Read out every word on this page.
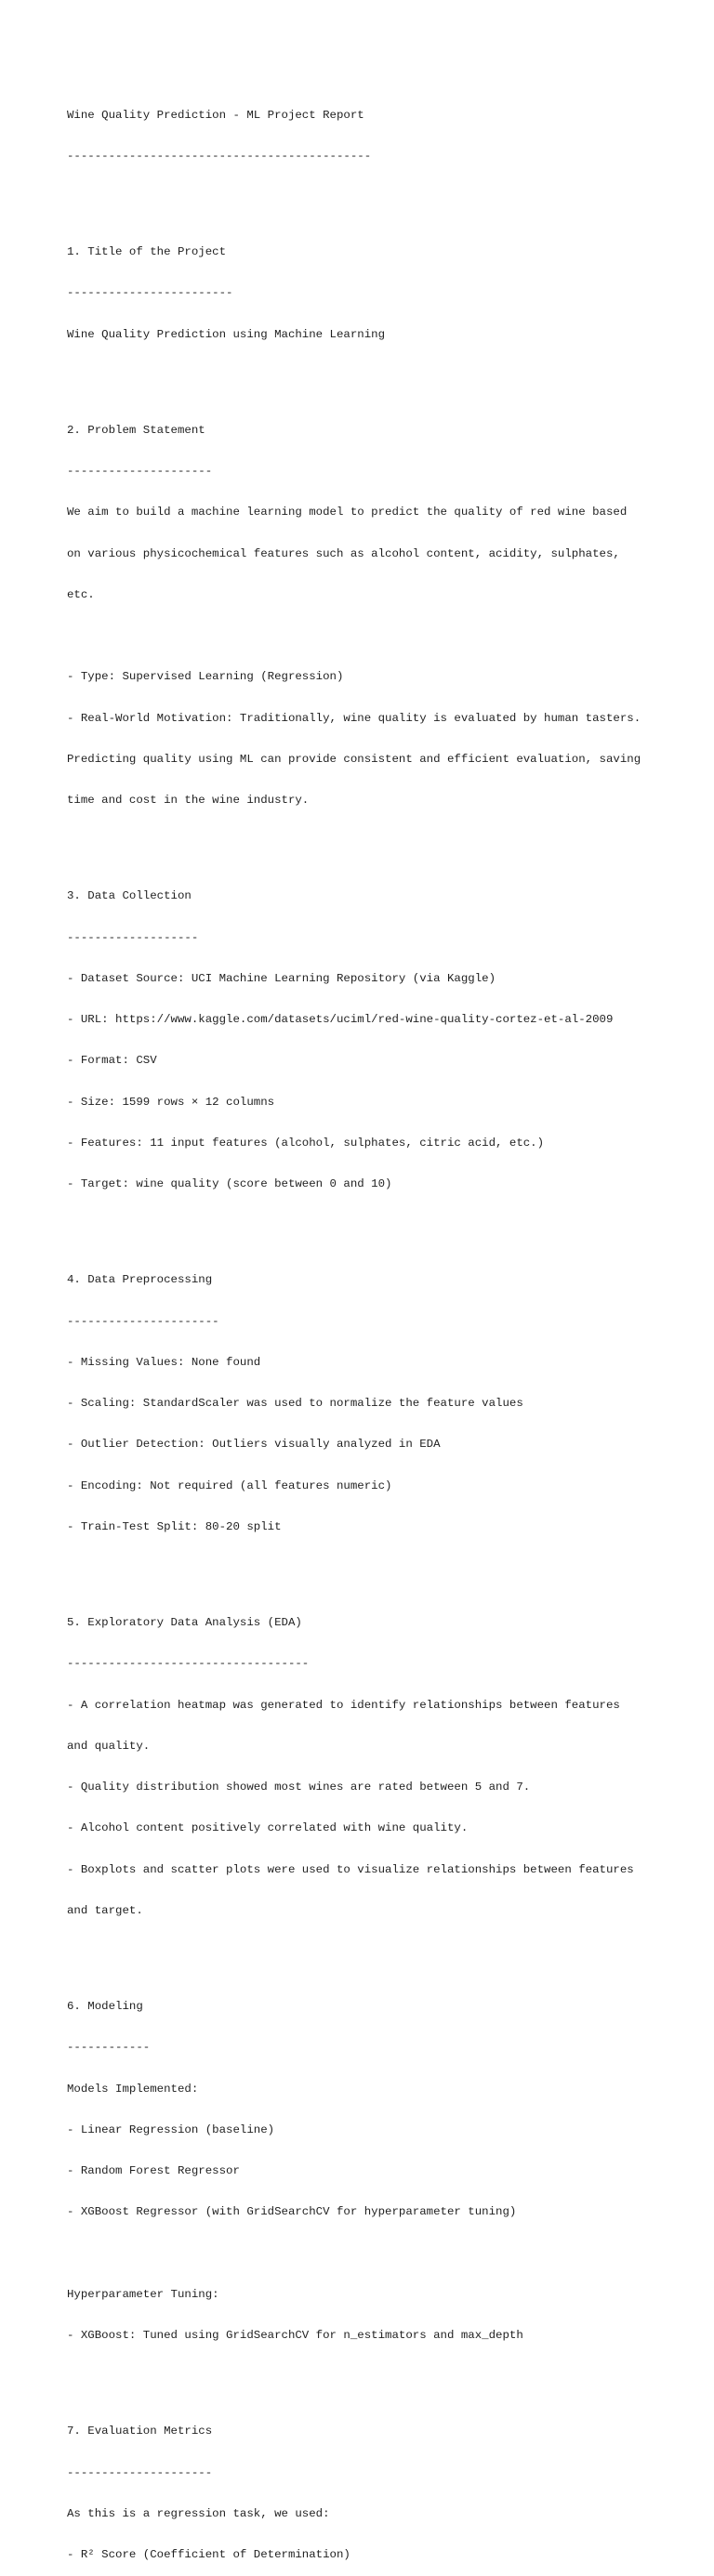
Wine Quality Prediction - ML Project Report

--------------------------------------------

1. Title of the Project

------------------------

Wine Quality Prediction using Machine Learning

2. Problem Statement

---------------------

We aim to build a machine learning model to predict the quality of red wine based

on various physicochemical features such as alcohol content, acidity, sulphates,

etc.

- Type: Supervised Learning (Regression)

- Real-World Motivation: Traditionally, wine quality is evaluated by human tasters.

Predicting quality using ML can provide consistent and efficient evaluation, saving

time and cost in the wine industry.

3. Data Collection

-------------------

- Dataset Source: UCI Machine Learning Repository (via Kaggle)

- URL: https://www.kaggle.com/datasets/uciml/red-wine-quality-cortez-et-al-2009

- Format: CSV

- Size: 1599 rows × 12 columns

- Features: 11 input features (alcohol, sulphates, citric acid, etc.)

- Target: wine quality (score between 0 and 10)

4. Data Preprocessing

----------------------

- Missing Values: None found

- Scaling: StandardScaler was used to normalize the feature values

- Outlier Detection: Outliers visually analyzed in EDA

- Encoding: Not required (all features numeric)

- Train-Test Split: 80-20 split

5. Exploratory Data Analysis (EDA)

-----------------------------------

- A correlation heatmap was generated to identify relationships between features

and quality.

- Quality distribution showed most wines are rated between 5 and 7.

- Alcohol content positively correlated with wine quality.

- Boxplots and scatter plots were used to visualize relationships between features

and target.

6. Modeling

------------

Models Implemented:

- Linear Regression (baseline)

- Random Forest Regressor

- XGBoost Regressor (with GridSearchCV for hyperparameter tuning)

Hyperparameter Tuning:

- XGBoost: Tuned using GridSearchCV for n_estimators and max_depth

7. Evaluation Metrics

---------------------

As this is a regression task, we used:

- R² Score (Coefficient of Determination)
